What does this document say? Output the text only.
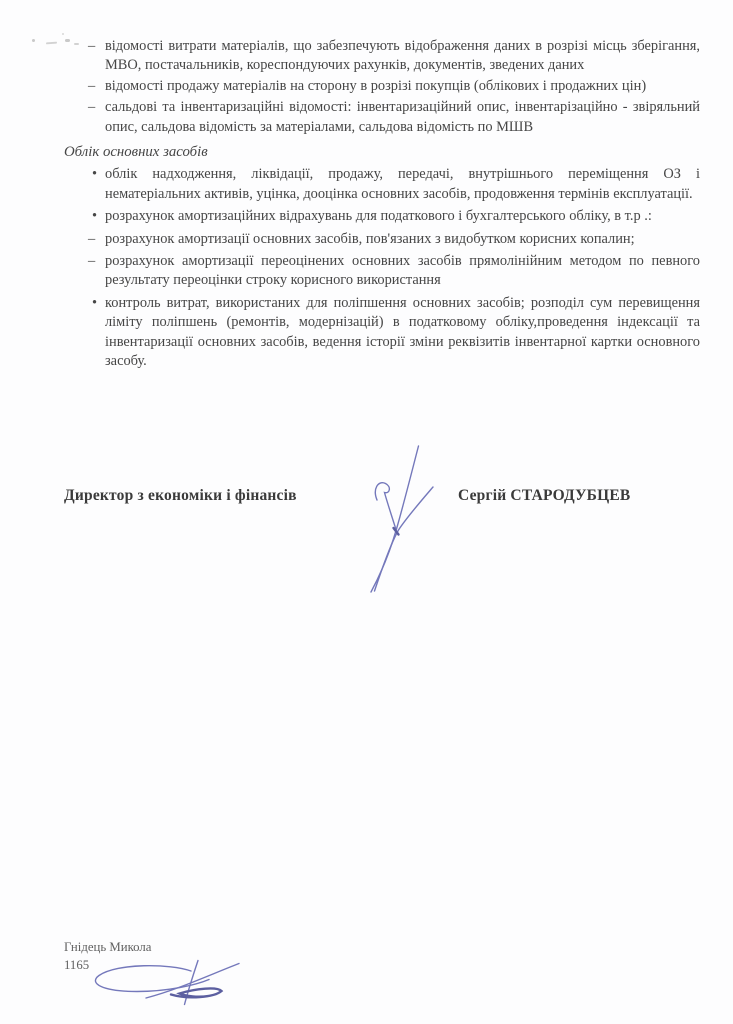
– відомості витрати матеріалів, що забезпечують відображення даних в розрізі місць зберігання, МВО, постачальників, кореспондуючих рахунків, документів, зведених даних
– відомості продажу матеріалів на сторону в розрізі покупців (облікових і продажних цін)
– сальдові та інвентаризаційні відомості: інвентаризаційний опис, інвентарізаційно - звіряльний опис, сальдова відомість за матеріалами, сальдова відомість по МШВ
Облік основних засобів
• облік надходження, ліквідації, продажу, передачі, внутрішнього переміщення ОЗ і нематеріальних активів, уцінка, дооцінка основних засобів, продовження термінів експлуатації.
• розрахунок амортизаційних відрахувань для податкового і бухгалтерського обліку, в т.р .:
– розрахунок амортизації основних засобів, пов'язаних з видобутком корисних копалин;
– розрахунок амортизації переоцінених основних засобів прямолінійним методом по певного результату переоцінки строку корисного використання
• контроль витрат, використаних для поліпшення основних засобів; розподіл сум перевищення ліміту поліпшень (ремонтів, модернізацій) в податковому обліку,проведення індексації та інвентаризації основних засобів, ведення історії зміни реквізитів інвентарної картки основного засобу.
Директор з економіки і фінансів	Сергій СТАРОДУБЦЕВ
Гнідець Микола
1165
